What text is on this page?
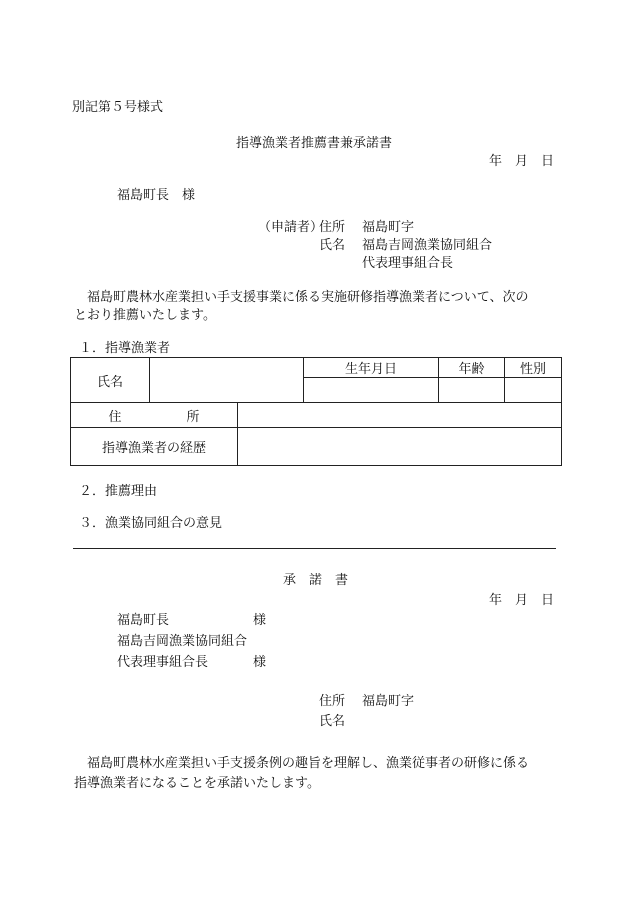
別記第５号様式
指導漁業者推薦書兼承諾書
年　月　日
福島町長　様
（申請者）
住所 福島町字
氏名 福島吉岡漁業協同組合
代表理事組合長
　福島町農林水産業担い手支援事業に係る実施研修指導漁業者について、次の
とおり推薦いたします。
１．指導漁業者
氏名			生年月日	年齢	性別

住　　　　　所					
指導漁業者の経歴					
２．推薦理由
３．漁業協同組合の意見
承　諾　書
年　月　日
福島町長	様
福島吉岡漁業協同組合
代表理事組合長	様
住所 福島町字
氏名
　福島町農林水産業担い手支援条例の趣旨を理解し、漁業従事者の研修に係る
指導漁業者になることを承諾いたします。
